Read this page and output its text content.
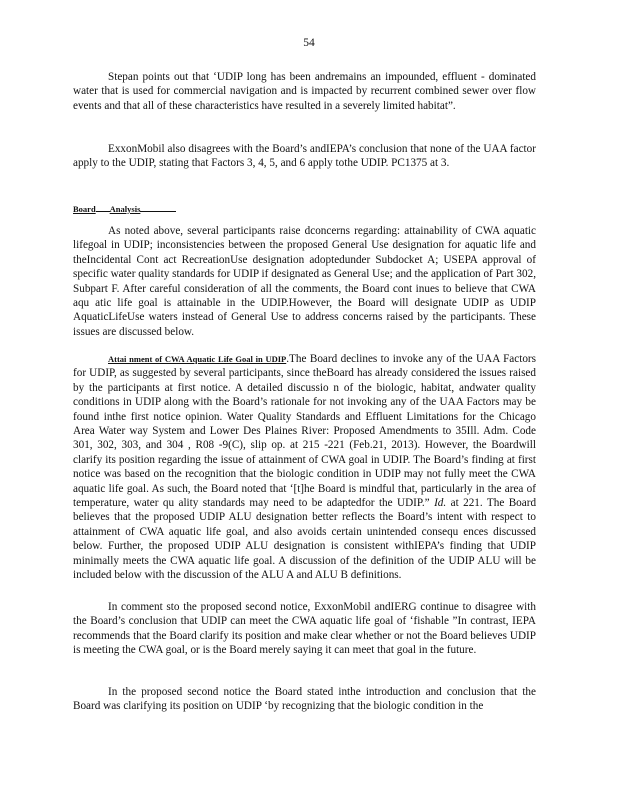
54

Stepan points out that ‘UDIP long has been andremains an impounded, effluent - dominated water that is used for commercial navigation and is impacted by recurrent combined sewer over flow events and that all of these characteristics have resulted in a severely limited habitat”.

ExxonMobil also disagrees with the Board’s andIEPA’s conclusion that none of the UAA factor apply to the UDIP, stating that Factors 3, 4, 5, and 6 apply tothe UDIP. PC1375 at 3.

Board Analysis

As noted above, several participants raise dconcerns regarding: attainability of CWA aquatic lifegoal in UDIP; inconsistencies between the proposed General Use designation for aquatic life and theIncidental Cont act RecreationUse designation adoptedunder Subdocket A; USEPA approval of specific water quality standards for UDIP if designated as General Use; and the application of Part 302, Subpart F. After careful consideration of all the comments, the Board cont inues to believe that CWA aqu atic life goal is attainable in the UDIP.However, the Board will designate UDIP as UDIP AquaticLifeUse waters instead of General Use to address concerns raised by the participants. These issues are discussed below.

Attai nment of CWA Aquatic Life Goal in UDIP.The Board declines to invoke any of the UAA Factors for UDIP, as suggested by several participants, since theBoard has already considered the issues raised by the participants at first notice. A detailed discussio n of the biologic, habitat, andwater quality conditions in UDIP along with the Board’s rationale for not invoking any of the UAA Factors may be found inthe first notice opinion. Water Quality Standards and Effluent Limitations for the Chicago Area Water way System and Lower Des Plaines River: Proposed Amendments to 35Ill. Adm. Code 301, 302, 303, and 304 , R08 -9(C), slip op. at 215 -221 (Feb.21, 2013). However, the Boardwill clarify its position regarding the issue of attainment of CWA goal in UDIP. The Board’s finding at first notice was based on the recognition that the biologic condition in UDIP may not fully meet the CWA aquatic life goal. As such, the Board noted that ‘[t]he Board is mindful that, particularly in the area of temperature, water qu ality standards may need to be adaptedfor the UDIP.” Id. at 221. The Board believes that the proposed UDIP ALU designation better reflects the Board’s intent with respect to attainment of CWA aquatic life goal, and also avoids certain unintended consequ ences discussed below. Further, the proposed UDIP ALU designation is consistent withIEPA’s finding that UDIP minimally meets the CWA aquatic life goal. A discussion of the definition of the UDIP ALU will be included below with the discussion of the ALU A and ALU B definitions.

In comment sto the proposed second notice, ExxonMobil andIERG continue to disagree with the Board’s conclusion that UDIP can meet the CWA aquatic life goal of ‘fishable ”In contrast, IEPA recommends that the Board clarify its position and make clear whether or not the Board believes UDIP is meeting the CWA goal, or is the Board merely saying it can meet that goal in the future.

In the proposed second notice the Board stated inthe introduction and conclusion that the Board was clarifying its position on UDIP ‘by recognizing that the biologic condition in the
